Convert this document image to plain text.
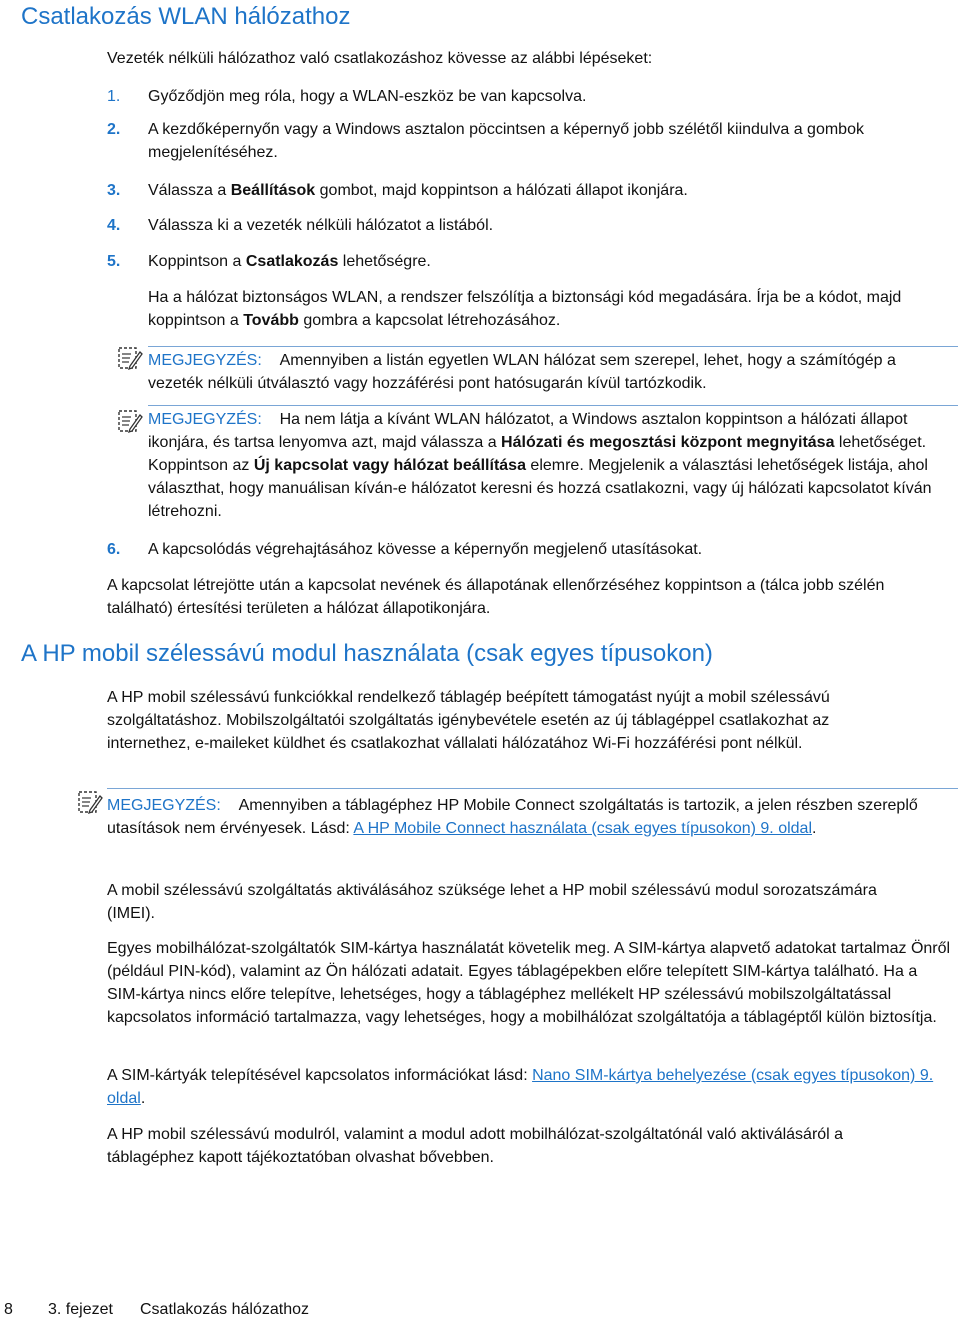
Csatlakozás WLAN hálózathoz

Vezeték nélküli hálózathoz való csatlakozáshoz kövesse az alábbi lépéseket:

1.	Győződjön meg róla, hogy a WLAN-eszköz be van kapcsolva.

2.	A kezdőképernyőn vagy a Windows asztalon pöccintsen a képernyő jobb szélétől kiindulva a gombok megjelenítéséhez.

3.	Válassza a Beállítások gombot, majd koppintson a hálózati állapot ikonjára.

4.	Válassza ki a vezeték nélküli hálózatot a listából.

5.	Koppintson a Csatlakozás lehetőségre.

Ha a hálózat biztonságos WLAN, a rendszer felszólítja a biztonsági kód megadására. Írja be a kódot, majd koppintson a Tovább gombra a kapcsolat létrehozásához.

MEGJEGYZÉS: Amennyiben a listán egyetlen WLAN hálózat sem szerepel, lehet, hogy a számítógép a vezeték nélküli útválasztó vagy hozzáférési pont hatósugarán kívül tartózkodik.

MEGJEGYZÉS: Ha nem látja a kívánt WLAN hálózatot, a Windows asztalon koppintson a hálózati állapot ikonjára, és tartsa lenyomva azt, majd válassza a Hálózati és megosztási központ megnyitása lehetőséget. Koppintson az Új kapcsolat vagy hálózat beállítása elemre. Megjelenik a választási lehetőségek listája, ahol választhat, hogy manuálisan kíván-e hálózatot keresni és hozzá csatlakozni, vagy új hálózati kapcsolatot kíván létrehozni.

6.	A kapcsolódás végrehajtásához kövesse a képernyőn megjelenő utasításokat.

A kapcsolat létrejötte után a kapcsolat nevének és állapotának ellenőrzéséhez koppintson a (tálca jobb szélén található) értesítési területen a hálózat állapotikonjára.

A HP mobil szélessávú modul használata (csak egyes típusokon)

A HP mobil szélessávú funkciókkal rendelkező táblagép beépített támogatást nyújt a mobil szélessávú szolgáltatáshoz. Mobilszolgáltatói szolgáltatás igénybevétele esetén az új táblagéppel csatlakozhat az internethez, e-maileket küldhet és csatlakozhat vállalati hálózatához Wi-Fi hozzáférési pont nélkül.

MEGJEGYZÉS: Amennyiben a táblagéphez HP Mobile Connect szolgáltatás is tartozik, a jelen részben szereplő utasítások nem érvényesek. Lásd: A HP Mobile Connect használata (csak egyes típusokon) 9. oldal.

A mobil szélessávú szolgáltatás aktiválásához szüksége lehet a HP mobil szélessávú modul sorozatszámára (IMEI).

Egyes mobilhálózat-szolgáltatók SIM-kártya használatát követelik meg. A SIM-kártya alapvető adatokat tartalmaz Önről (például PIN-kód), valamint az Ön hálózati adatait. Egyes táblagépekben előre telepített SIM-kártya található. Ha a SIM-kártya nincs előre telepítve, lehetséges, hogy a táblagéphez mellékelt HP szélessávú mobilszolgáltatással kapcsolatos információ tartalmazza, vagy lehetséges, hogy a mobilhálózat szolgáltatója a táblagéptől külön biztosítja.

A SIM-kártyák telepítésével kapcsolatos információkat lásd: Nano SIM-kártya behelyezése (csak egyes típusokon) 9. oldal.

A HP mobil szélessávú modulról, valamint a modul adott mobilhálózat-szolgáltatónál való aktiválásáról a táblagéphez kapott tájékoztatóban olvashat bővebben.

8 3. fejezet Csatlakozás hálózathoz
